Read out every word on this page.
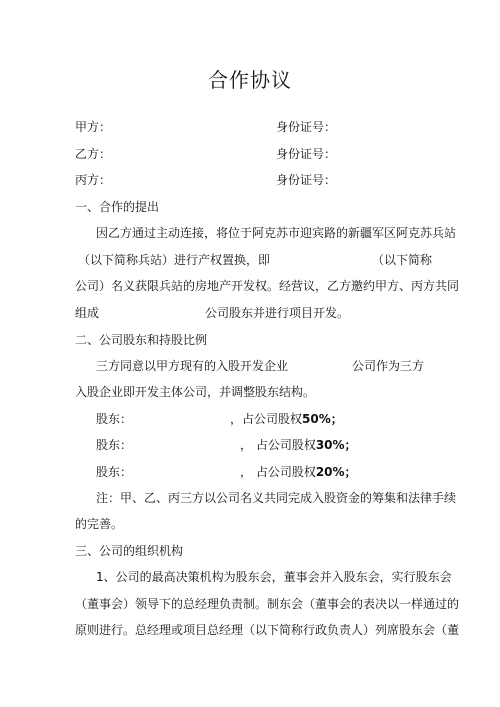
合作协议
甲方：	身份证号：
乙方：	身份证号：
丙方：	身份证号：
一、合作的提出
因乙方通过主动连接，将位于阿克苏市迎宾路的新疆军区阿克苏兵站
（以下简称兵站）进行产权置换，即	（以下简称
公司）名义获限兵站的房地产开发权。经营议，乙方邀约甲方、丙方共同
组成	公司股东并进行项目开发。
二、公司股东和持股比例
三方同意以甲方现有的入股开发企业	公司作为三方
入股企业即开发主体公司，并调整股东结构。
股东：	，占公司股权50%；
股东：	， 占公司股权30%；
股东：	， 占公司股权20%；
注：甲、乙、丙三方以公司名义共同完成入股资金的筹集和法律手续
的完善。
三、公司的组织机构
1、公司的最高决策机构为股东会，董事会并入股东会，实行股东会
（董事会）领导下的总经理负责制。制东会（董事会的表决以一样通过的
原则进行。总经理或项目总经理（以下简称行政负责人）列席股东会（董
